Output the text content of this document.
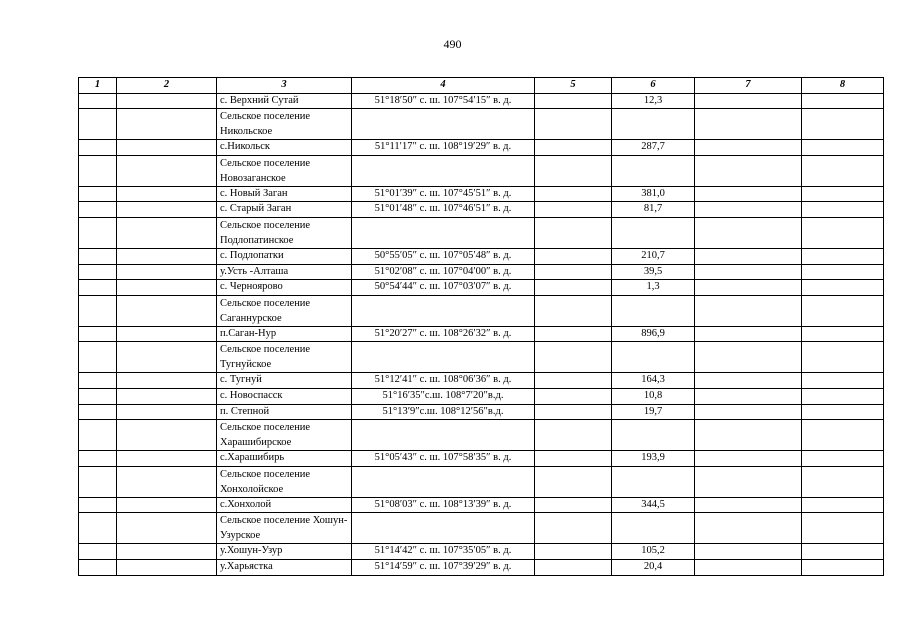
490
1	2	3	4	5	6	7	8
		с. Верхний Сутай	51°18′50″ с. ш. 107°54′15″ в. д.		12,3		
		Сельское поселение Никольское					
		с.Никольск	51°11′17″ с. ш. 108°19′29″ в. д.		287,7		
		Сельское поселение Новозаганское					
		с. Новый Заган	51°01′39″ с. ш. 107°45′51″ в. д.		381,0		
		с. Старый Заган	51°01′48″ с. ш. 107°46′51″ в. д.		81,7		
		Сельское поселение Подлопатинское					
		с. Подлопатки	50°55′05″ с. ш. 107°05′48″ в. д.		210,7		
		у.Усть -Алташа	51°02′08″ с. ш. 107°04′00″ в. д.		39,5		
		с. Черноярово	50°54′44″ с. ш. 107°03′07″ в. д.		1,3		
		Сельское поселение Саганнурское					
		п.Саган-Нур	51°20′27″ с. ш. 108°26′32″ в. д.		896,9		
		Сельское поселение Тугнуйское					
		с. Тугнуй	51°12′41″ с. ш. 108°06′36″ в. д.		164,3		
		с. Новоспасск	51°16′35″с.ш. 108°7′20″в.д.		10,8		
		п. Степной	51°13′9″с.ш. 108°12′56″в.д.		19,7		
		Сельское поселение Харашибирское					
		с.Харашибирь	51°05′43″ с. ш. 107°58′35″ в. д.		193,9		
		Сельское поселение Хонхолойское					
		с.Хонхолой	51°08′03″ с. ш. 108°13′39″ в. д.		344,5		
		Сельское поселение Хошун-Узурское					
		у.Хошун-Узур	51°14′42″ с. ш. 107°35′05″ в. д.		105,2		
		у.Харьястка	51°14′59″ с. ш. 107°39′29″ в. д.		20,4		
